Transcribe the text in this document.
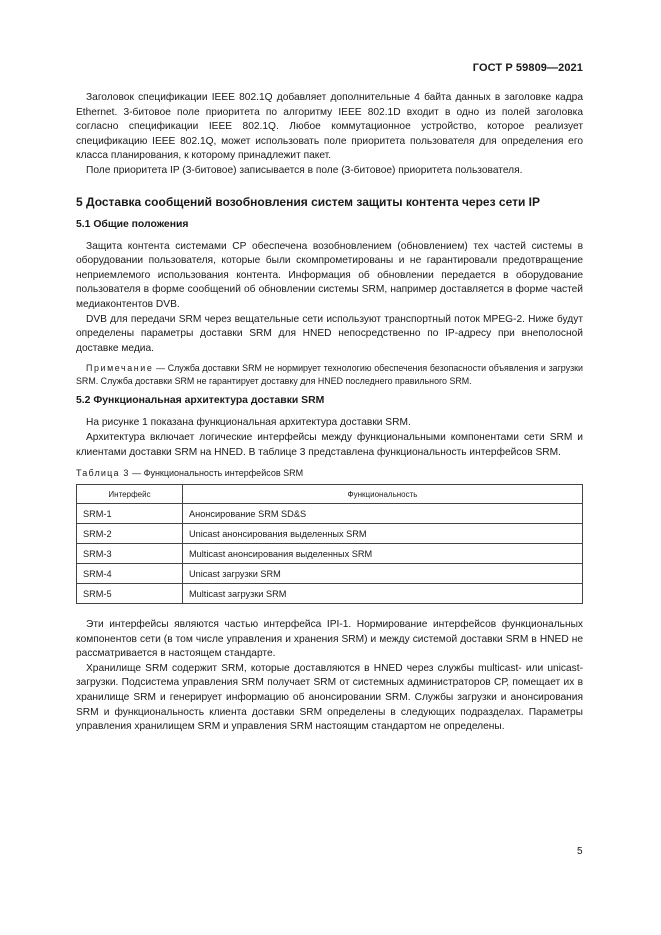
ГОСТ Р 59809—2021

Заголовок спецификации IEEE 802.1Q добавляет дополнительные 4 байта данных в заголовке кадра Ethernet. 3-битовое поле приоритета по алгоритму IEEE 802.1D входит в одно из полей заголовка согласно спецификации IEEE 802.1Q. Любое коммутационное устройство, которое реализует спецификацию IEEE 802.1Q, может использовать поле приоритета пользователя для определения его класса планирования, к которому принадлежит пакет.

Поле приоритета IP (3-битовое) записывается в поле (3-битовое) приоритета пользователя.

5 Доставка сообщений возобновления систем защиты контента через сети IP
5.1 Общие положения

Защита контента системами СР обеспечена возобновлением (обновлением) тех частей системы в оборудовании пользователя, которые были скомпрометированы и не гарантировали предотвращение неприемлемого использования контента. Информация об обновлении передается в оборудование пользователя в форме сообщений об обновлении системы SRM, например доставляется в форме частей медиаконтентов DVB.

DVB для передачи SRM через вещательные сети используют транспортный поток MPEG-2. Ниже будут определены параметры доставки SRM для HNED непосредственно по IP-адресу при внеполосной доставке медиа.

Примечание — Служба доставки SRM не нормирует технологию обеспечения безопасности объявления и загрузки SRM. Служба доставки SRM не гарантирует доставку для HNED последнего правильного SRM.
5.2 Функциональная архитектура доставки SRM

На рисунке 1 показана функциональная архитектура доставки SRM.

Архитектура включает логические интерфейсы между функциональными компонентами сети SRM и клиентами доставки SRM на HNED. В таблице 3 представлена функциональность интерфейсов SRM.

Таблица 3 — Функциональность интерфейсов SRM
Интерфейс	Функциональность
SRM-1	Анонсирование SRM SD&S
SRM-2	Unicast анонсирования выделенных SRM
SRM-3	Multicast анонсирования выделенных SRM
SRM-4	Unicast загрузки SRM
SRM-5	Multicast загрузки SRM

Эти интерфейсы являются частью интерфейса IPI-1. Нормирование интерфейсов функциональных компонентов сети (в том числе управления и хранения SRM) и между системой доставки SRM в HNED не рассматривается в настоящем стандарте.

Хранилище SRM содержит SRM, которые доставляются в HNED через службы multicast- или unicast-загрузки. Подсистема управления SRM получает SRM от системных администраторов СР, помещает их в хранилище SRM и генерирует информацию об анонсировании SRM. Службы загрузки и анонсирования SRM и функциональность клиента доставки SRM определены в следующих подразделах. Параметры управления хранилищем SRM и управления SRM настоящим стандартом не определены.

5
